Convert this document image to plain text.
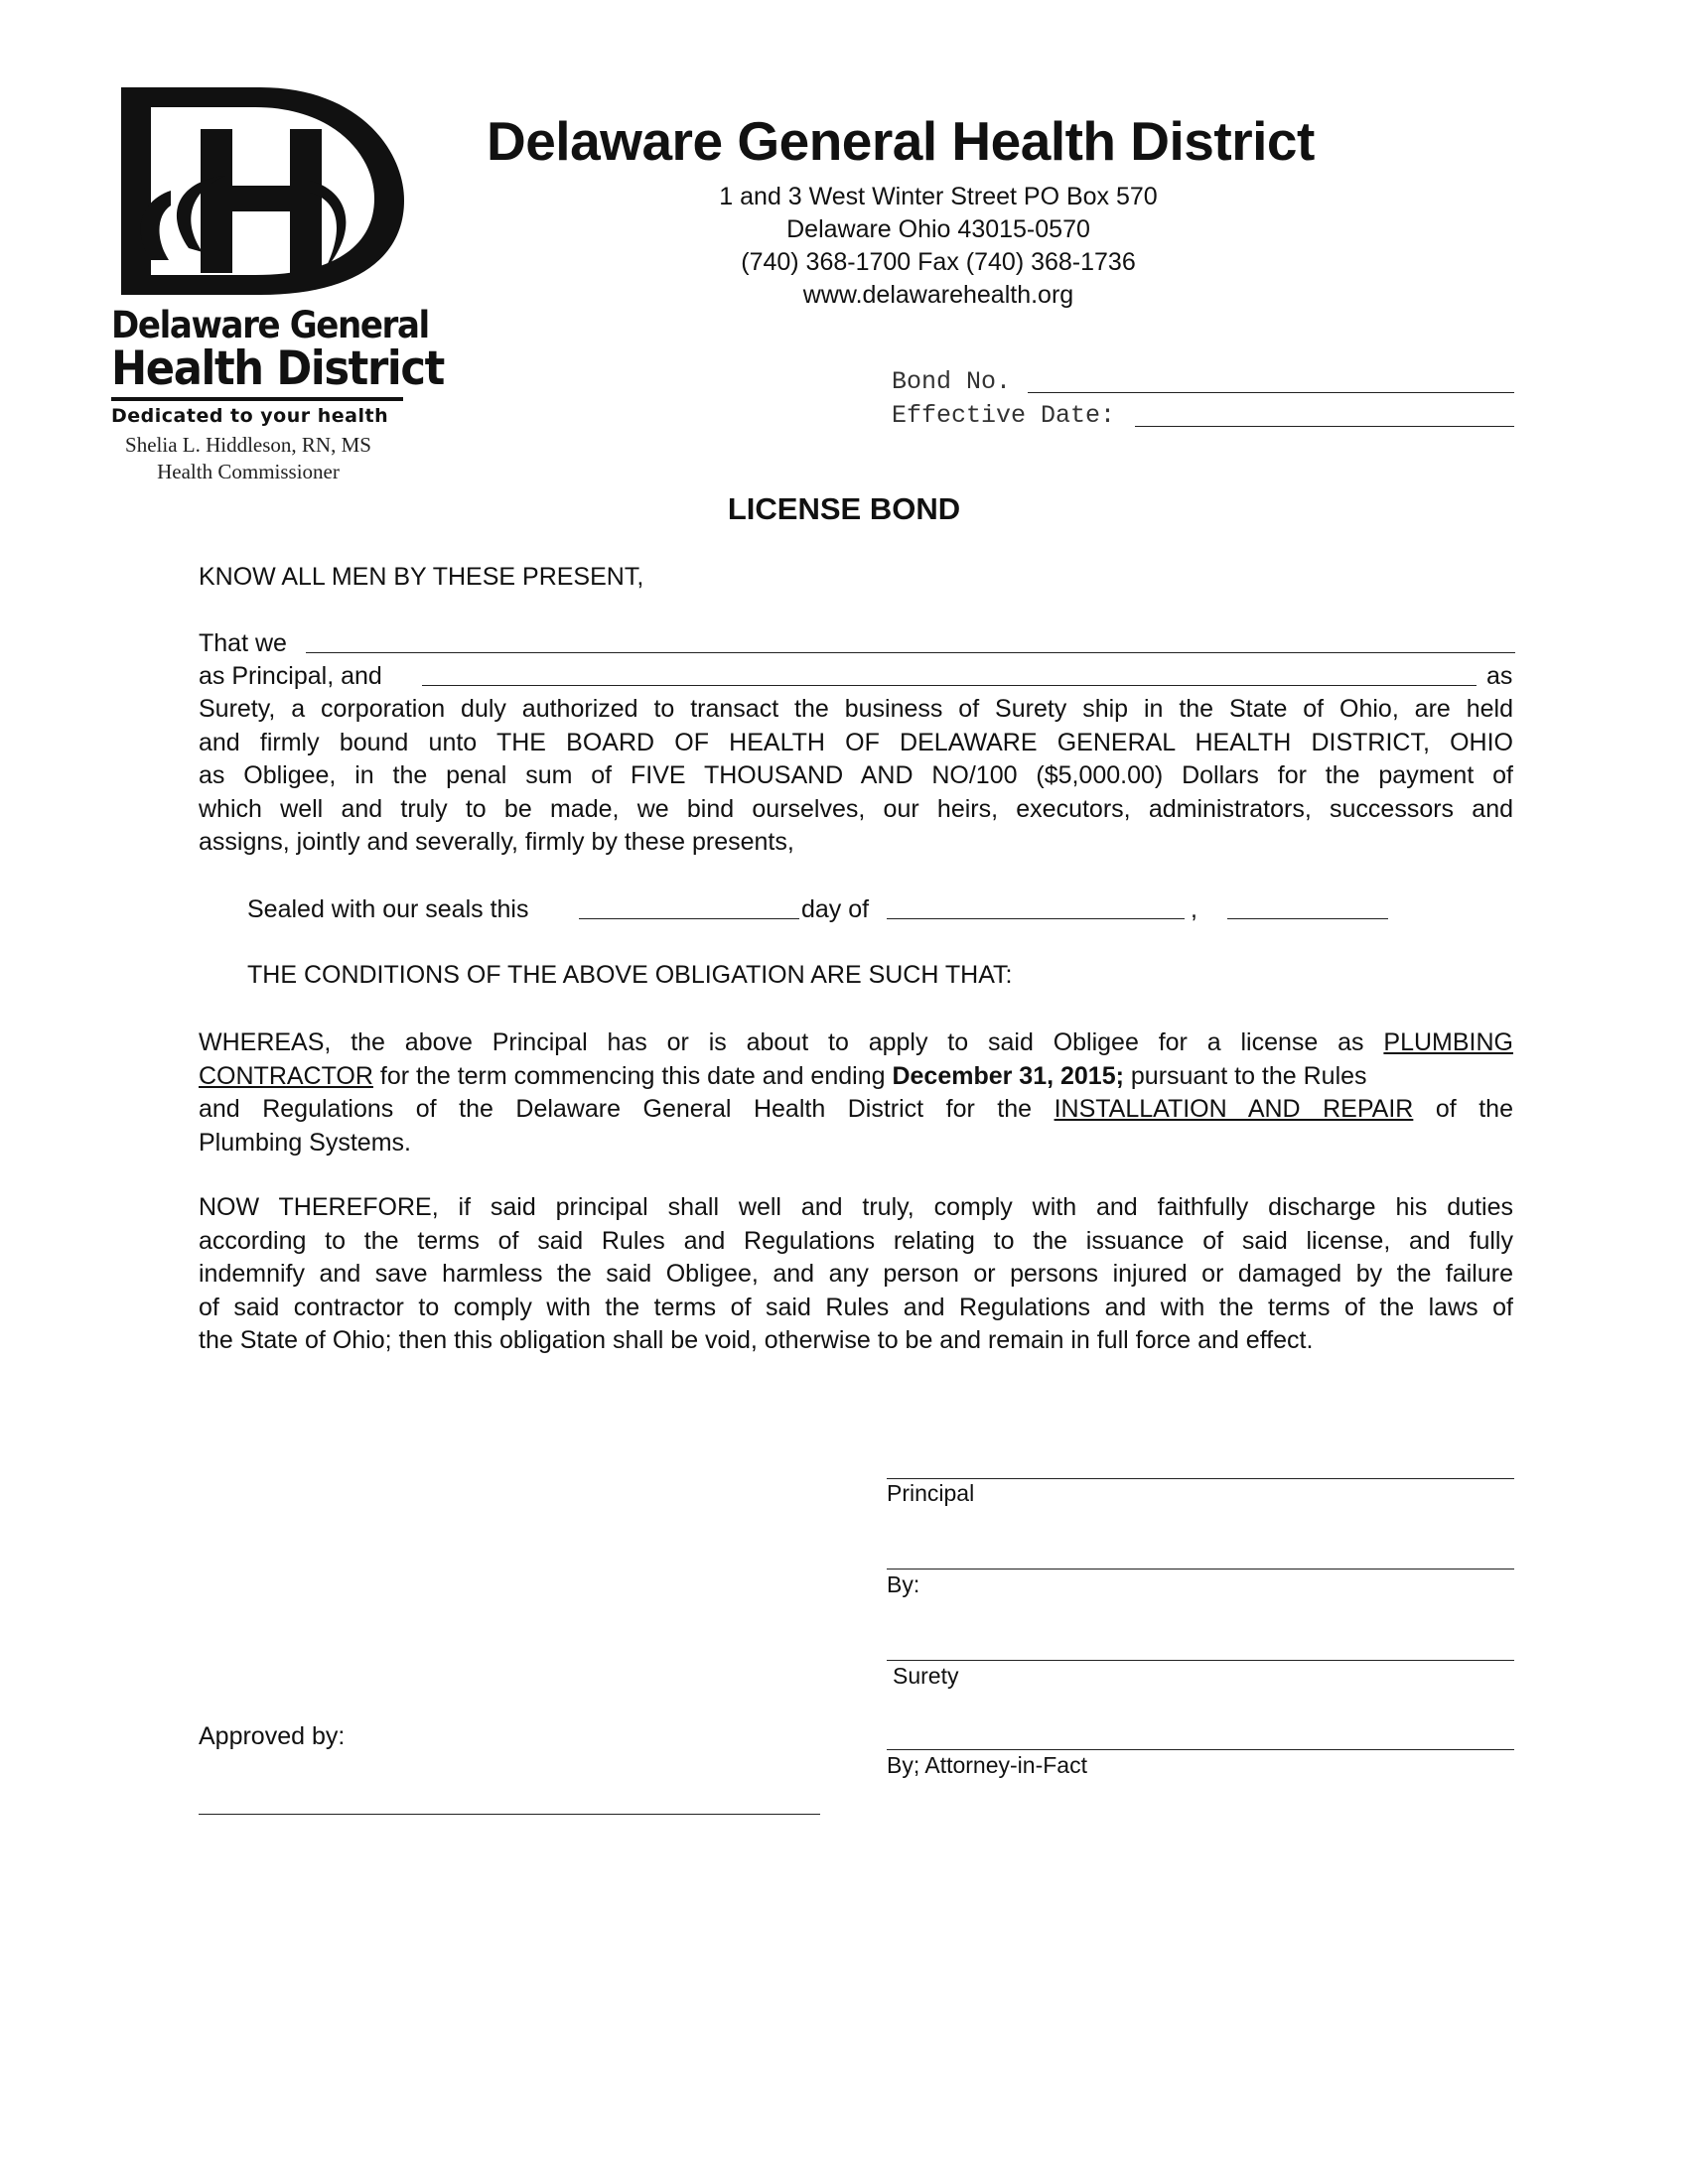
Delaware General
Health District
Dedicated to your health
Shelia L. Hiddleson, RN, MS
Health Commissioner
Delaware General Health District
1 and 3 West Winter Street PO Box 570
Delaware Ohio 43015-0570
(740) 368-1700 Fax (740) 368-1736
www.delawarehealth.org
Bond No.
Effective Date:
LICENSE BOND
KNOW ALL MEN BY THESE PRESENT,
That we
as Principal, and	as
Surety, a corporation duly authorized to transact the business of Surety ship in the State of Ohio, are held
and firmly bound unto THE BOARD OF HEALTH OF DELAWARE GENERAL HEALTH DISTRICT, OHIO
as Obligee, in the penal sum of FIVE THOUSAND AND NO/100 ($5,000.00) Dollars for the payment of
which well and truly to be made, we bind ourselves, our heirs, executors, administrators, successors and
assigns, jointly and severally, firmly by these presents,
Sealed with our seals this	day of	,
THE CONDITIONS OF THE ABOVE OBLIGATION ARE SUCH THAT:
WHEREAS, the above Principal has or is about to apply to said Obligee for a license as PLUMBING
CONTRACTOR for the term commencing this date and ending December 31, 2015; pursuant to the Rules
and Regulations of the Delaware General Health District for the INSTALLATION AND REPAIR of the
Plumbing Systems.
NOW THEREFORE, if said principal shall well and truly, comply with and faithfully discharge his duties
according to the terms of said Rules and Regulations relating to the issuance of said license, and fully
indemnify and save harmless the said Obligee, and any person or persons injured or damaged by the failure
of said contractor to comply with the terms of said Rules and Regulations and with the terms of the laws of
the State of Ohio; then this obligation shall be void, otherwise to be and remain in full force and effect.
Principal
By:
Surety
By; Attorney-in-Fact
Approved by:
